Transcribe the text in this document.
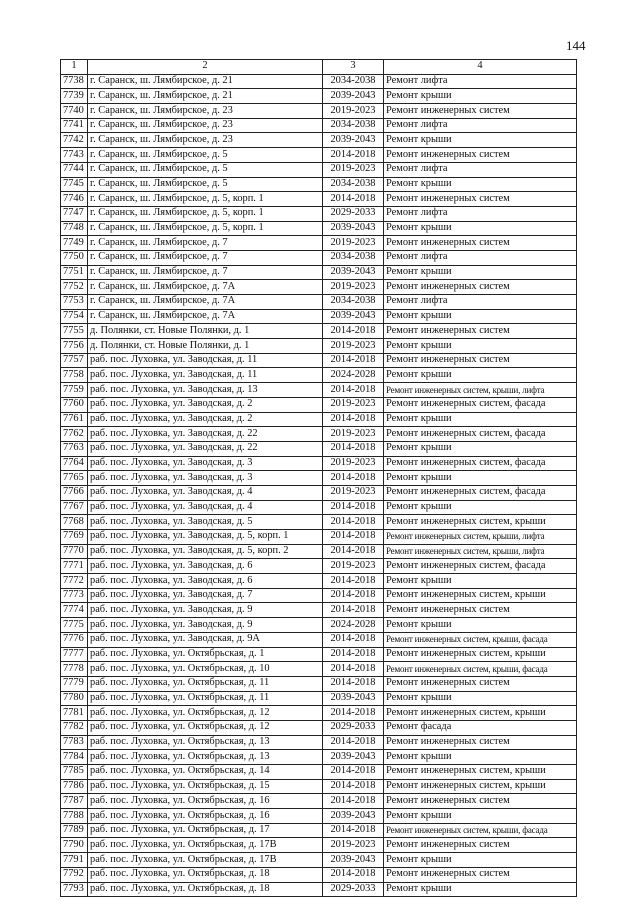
144
1	2	3	4
7738	г. Саранск, ш. Лямбирское, д. 21	2034-2038	Ремонт лифта
7739	г. Саранск, ш. Лямбирское, д. 21	2039-2043	Ремонт крыши
7740	г. Саранск, ш. Лямбирское, д. 23	2019-2023	Ремонт инженерных систем
7741	г. Саранск, ш. Лямбирское, д. 23	2034-2038	Ремонт лифта
7742	г. Саранск, ш. Лямбирское, д. 23	2039-2043	Ремонт крыши
7743	г. Саранск, ш. Лямбирское, д. 5	2014-2018	Ремонт инженерных систем
7744	г. Саранск, ш. Лямбирское, д. 5	2019-2023	Ремонт лифта
7745	г. Саранск, ш. Лямбирское, д. 5	2034-2038	Ремонт крыши
7746	г. Саранск, ш. Лямбирское, д. 5, корп. 1	2014-2018	Ремонт инженерных систем
7747	г. Саранск, ш. Лямбирское, д. 5, корп. 1	2029-2033	Ремонт лифта
7748	г. Саранск, ш. Лямбирское, д. 5, корп. 1	2039-2043	Ремонт крыши
7749	г. Саранск, ш. Лямбирское, д. 7	2019-2023	Ремонт инженерных систем
7750	г. Саранск, ш. Лямбирское, д. 7	2034-2038	Ремонт лифта
7751	г. Саранск, ш. Лямбирское, д. 7	2039-2043	Ремонт крыши
7752	г. Саранск, ш. Лямбирское, д. 7А	2019-2023	Ремонт инженерных систем
7753	г. Саранск, ш. Лямбирское, д. 7А	2034-2038	Ремонт лифта
7754	г. Саранск, ш. Лямбирское, д. 7А	2039-2043	Ремонт крыши
7755	д. Полянки, ст. Новые Полянки, д. 1	2014-2018	Ремонт инженерных систем
7756	д. Полянки, ст. Новые Полянки, д. 1	2019-2023	Ремонт крыши
7757	раб. пос. Луховка, ул. Заводская, д. 11	2014-2018	Ремонт инженерных систем
7758	раб. пос. Луховка, ул. Заводская, д. 11	2024-2028	Ремонт крыши
7759	раб. пос. Луховка, ул. Заводская, д. 13	2014-2018	Ремонт инженерных систем, крыши, лифта
7760	раб. пос. Луховка, ул. Заводская, д. 2	2019-2023	Ремонт инженерных систем, фасада
7761	раб. пос. Луховка, ул. Заводская, д. 2	2014-2018	Ремонт крыши
7762	раб. пос. Луховка, ул. Заводская, д. 22	2019-2023	Ремонт инженерных систем, фасада
7763	раб. пос. Луховка, ул. Заводская, д. 22	2014-2018	Ремонт крыши
7764	раб. пос. Луховка, ул. Заводская, д. 3	2019-2023	Ремонт инженерных систем, фасада
7765	раб. пос. Луховка, ул. Заводская, д. 3	2014-2018	Ремонт крыши
7766	раб. пос. Луховка, ул. Заводская, д. 4	2019-2023	Ремонт инженерных систем, фасада
7767	раб. пос. Луховка, ул. Заводская, д. 4	2014-2018	Ремонт крыши
7768	раб. пос. Луховка, ул. Заводская, д. 5	2014-2018	Ремонт инженерных систем, крыши
7769	раб. пос. Луховка, ул. Заводская, д. 5, корп. 1	2014-2018	Ремонт инженерных систем, крыши, лифта
7770	раб. пос. Луховка, ул. Заводская, д. 5, корп. 2	2014-2018	Ремонт инженерных систем, крыши, лифта
7771	раб. пос. Луховка, ул. Заводская, д. 6	2019-2023	Ремонт инженерных систем, фасада
7772	раб. пос. Луховка, ул. Заводская, д. 6	2014-2018	Ремонт крыши
7773	раб. пос. Луховка, ул. Заводская, д. 7	2014-2018	Ремонт инженерных систем, крыши
7774	раб. пос. Луховка, ул. Заводская, д. 9	2014-2018	Ремонт инженерных систем
7775	раб. пос. Луховка, ул. Заводская, д. 9	2024-2028	Ремонт крыши
7776	раб. пос. Луховка, ул. Заводская, д. 9А	2014-2018	Ремонт инженерных систем, крыши, фасада
7777	раб. пос. Луховка, ул. Октябрьская, д. 1	2014-2018	Ремонт инженерных систем, крыши
7778	раб. пос. Луховка, ул. Октябрьская, д. 10	2014-2018	Ремонт инженерных систем, крыши, фасада
7779	раб. пос. Луховка, ул. Октябрьская, д. 11	2014-2018	Ремонт инженерных систем
7780	раб. пос. Луховка, ул. Октябрьская, д. 11	2039-2043	Ремонт крыши
7781	раб. пос. Луховка, ул. Октябрьская, д. 12	2014-2018	Ремонт инженерных систем, крыши
7782	раб. пос. Луховка, ул. Октябрьская, д. 12	2029-2033	Ремонт фасада
7783	раб. пос. Луховка, ул. Октябрьская, д. 13	2014-2018	Ремонт инженерных систем
7784	раб. пос. Луховка, ул. Октябрьская, д. 13	2039-2043	Ремонт крыши
7785	раб. пос. Луховка, ул. Октябрьская, д. 14	2014-2018	Ремонт инженерных систем, крыши
7786	раб. пос. Луховка, ул. Октябрьская, д. 15	2014-2018	Ремонт инженерных систем, крыши
7787	раб. пос. Луховка, ул. Октябрьская, д. 16	2014-2018	Ремонт инженерных систем
7788	раб. пос. Луховка, ул. Октябрьская, д. 16	2039-2043	Ремонт крыши
7789	раб. пос. Луховка, ул. Октябрьская, д. 17	2014-2018	Ремонт инженерных систем, крыши, фасада
7790	раб. пос. Луховка, ул. Октябрьская, д. 17В	2019-2023	Ремонт инженерных систем
7791	раб. пос. Луховка, ул. Октябрьская, д. 17В	2039-2043	Ремонт крыши
7792	раб. пос. Луховка, ул. Октябрьская, д. 18	2014-2018	Ремонт инженерных систем
7793	раб. пос. Луховка, ул. Октябрьская, д. 18	2029-2033	Ремонт крыши
